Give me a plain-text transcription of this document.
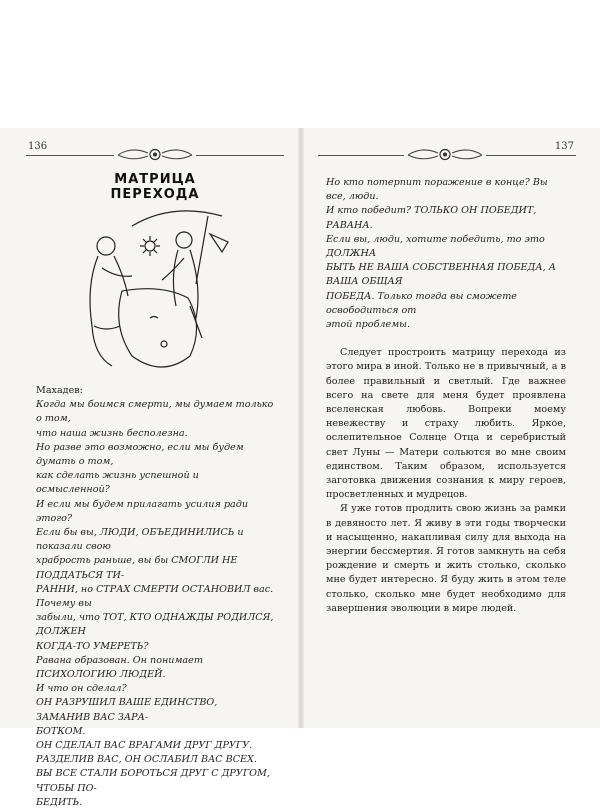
136
МАТРИЦА ПЕРЕХОДА

Махадев:

Когда мы боимся смерти, мы думаем только о том,

что наша жизнь бесполезна.

Но разве это возможно, если мы будем думать о том,

как сделать жизнь успешной и осмысленной?

И если мы будем прилагать усилия ради этого?

Если бы вы, ЛЮДИ, ОБЪЕДИНИЛИСЬ и показали свою

храбрость раньше, вы бы СМОГЛИ НЕ ПОДДАТЬСЯ ТИ-

РАННИ, но СТРАХ СМЕРТИ ОСТАНОВИЛ вас. Почему вы

забыли, что ТОТ, КТО ОДНАЖДЫ РОДИЛСЯ, ДОЛЖЕН

КОГДА-ТО УМЕРЕТЬ?

Равана образован. Он понимает ПСИХОЛОГИЮ ЛЮДЕЙ.

И что он сделал?

ОН РАЗРУШИЛ ВАШЕ ЕДИНСТВО, ЗАМАНИВ ВАС ЗАРА-

БОТКОМ.

ОН СДЕЛАЛ ВАС ВРАГАМИ ДРУГ ДРУГУ.

РАЗДЕЛИВ ВАС, ОН ОСЛАБИЛ ВАС ВСЕХ.

ВЫ ВСЕ СТАЛИ БОРОТЬСЯ ДРУГ С ДРУГОМ, ЧТОБЫ ПО-

БЕДИТЬ.

137

Но кто потерпит поражение в конце? Вы все, люди.

И кто победит? ТОЛЬКО ОН ПОБЕДИТ, РАВАНА.

Если вы, люди, хотите победить, то это ДОЛЖНА

БЫТЬ НЕ ВАША СОБСТВЕННАЯ ПОБЕДА, А ВАША ОБЩАЯ

ПОБЕДА. Только тогда вы сможете освободиться от

этой проблемы.

Следует простроить матрицу перехода из этого мира в иной. Только не в привычный, а в более правильный и светлый. Где важнее всего на свете для меня будет проявлена вселенская любовь. Вопреки моему невежеству и страху любить. Яркое, ослепительное Солнце Отца и серебристый свет Луны — Матери сольются во мне своим единством. Таким образом, используется заготовка движения сознания к миру героев, просветленных и мудрецов.

Я уже готов продлить свою жизнь за рамки в девяносто лет. Я живу в эти годы творчески и насыщенно, накапливая силу для выхода на энергии бессмертия. Я готов замкнуть на себя рождение и смерть и жить столько, сколько мне будет интересно. Я буду жить в этом теле столько, сколько мне будет необходимо для завершения эволюции в мире людей.
